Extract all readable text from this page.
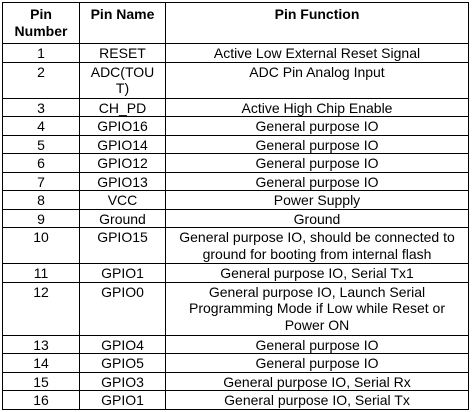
Pin
Number	Pin Name	Pin Function
1	RESET	Active Low External Reset Signal
2	ADC(TOUT)	ADC Pin Analog Input
3	CH_PD	Active High Chip Enable
4	GPIO16	General purpose IO
5	GPIO14	General purpose IO
6	GPIO12	General purpose IO
7	GPIO13	General purpose IO
8	VCC	Power Supply
9	Ground	Ground
10	GPIO15	General purpose IO, should be connected to ground for booting from internal flash
11	GPIO1	General purpose IO, Serial Tx1
12	GPIO0	General purpose IO, Launch Serial Programming Mode if Low while Reset or Power ON
13	GPIO4	General purpose IO
14	GPIO5	General purpose IO
15	GPIO3	General purpose IO, Serial Rx
16	GPIO1	General purpose IO, Serial Tx
